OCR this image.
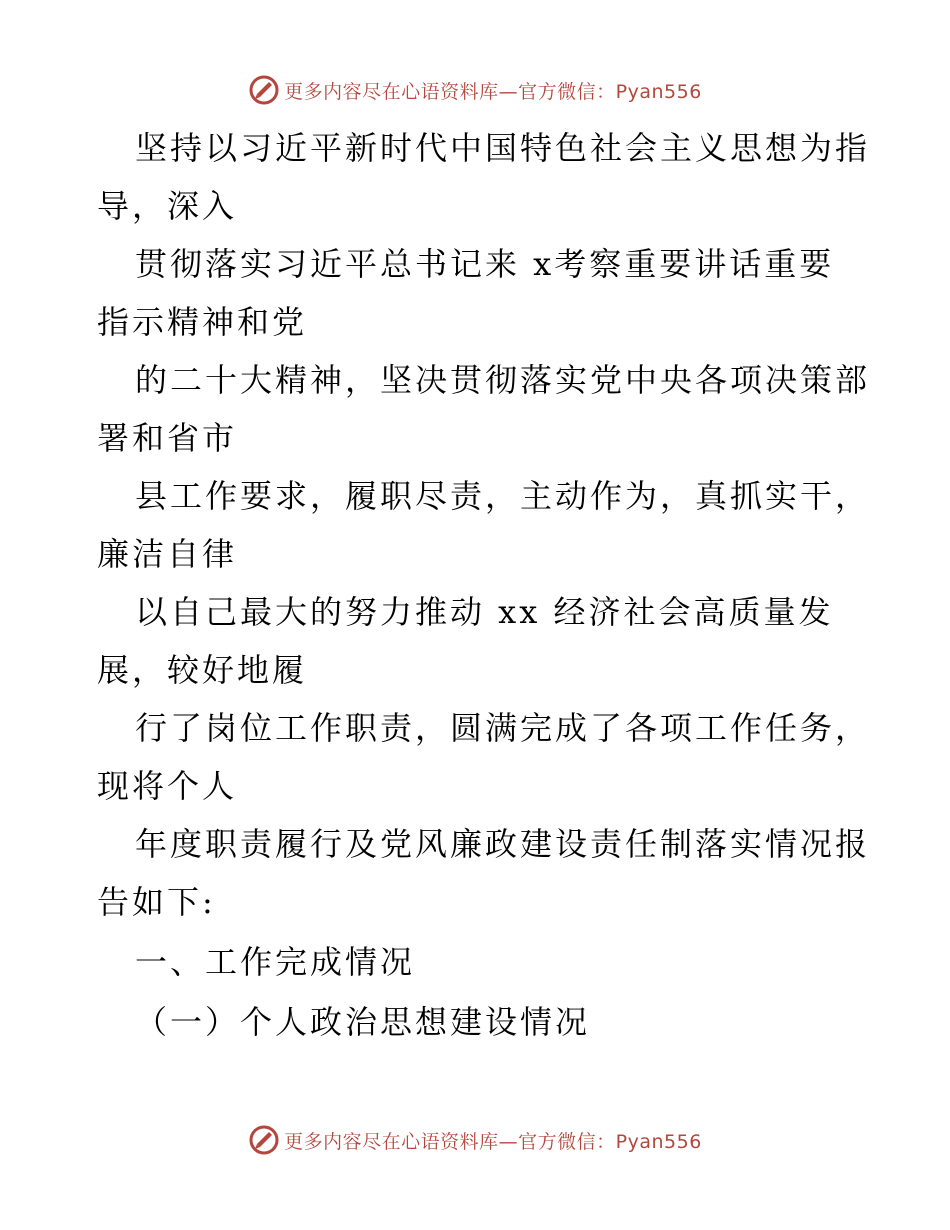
更多内容尽在心语资料库—官方微信：Pyan556
坚持以习近平新时代中国特色社会主义思想为指
导，深入
贯彻落实习近平总书记来 x考察重要讲话重要
指示精神和党
的二十大精神，坚决贯彻落实党中央各项决策部
署和省市
县工作要求，履职尽责，主动作为，真抓实干，
廉洁自律
以自己最大的努力推动 xx 经济社会高质量发
展，较好地履
行了岗位工作职责，圆满完成了各项工作任务，
现将个人
年度职责履行及党风廉政建设责任制落实情况报
告如下:
一、工作完成情况
（一）个人政治思想建设情况
更多内容尽在心语资料库—官方微信：Pyan556
